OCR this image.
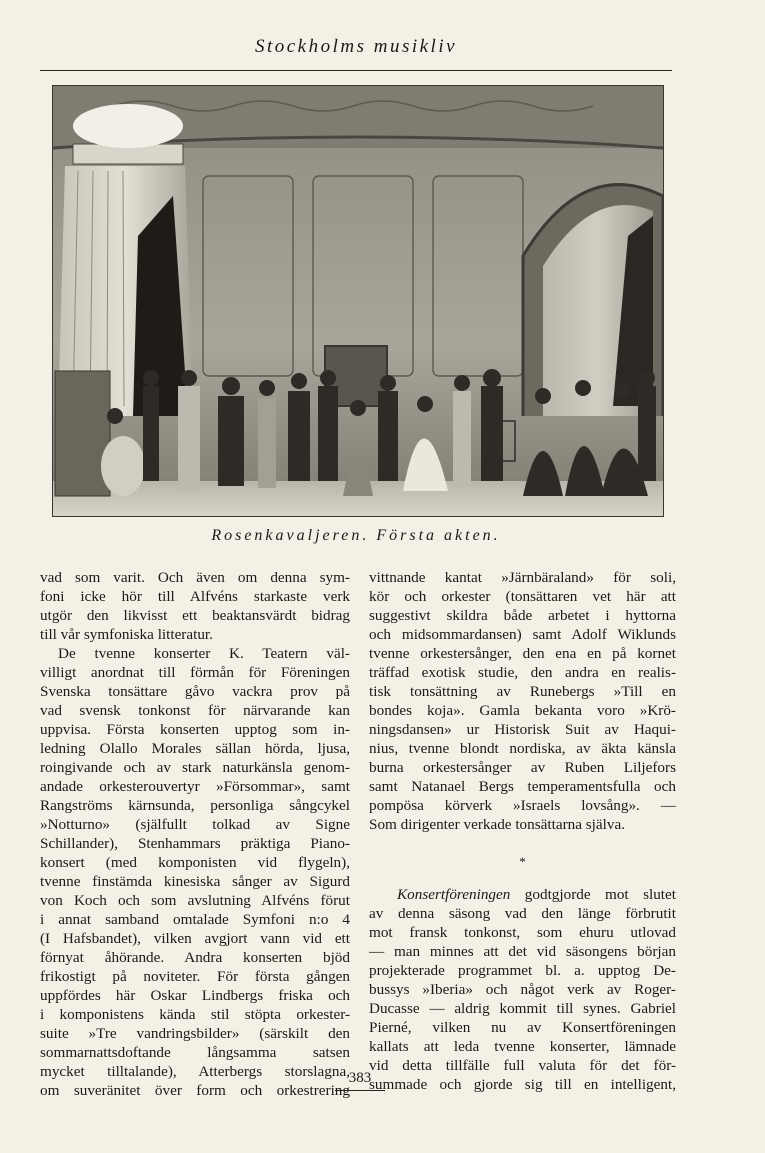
Stockholms musikliv
Rosenkavaljeren. Första akten.
vad som varit. Och även om denna sym-
foni icke hör till Alfvéns starkaste verk
utgör den likvisst ett beaktansvärdt bidrag
till vår symfoniska litteratur.
De tvenne konserter K. Teatern väl-
villigt anordnat till förmån för Föreningen
Svenska tonsättare gåvo vackra prov på
vad svensk tonkonst för närvarande kan
uppvisa. Första konserten upptog som in-
ledning Olallo Morales sällan hörda, ljusa,
roingivande och av stark naturkänsla genom-
andade orkesterouvertyr »Försommar», samt
Rangströms kärnsunda, personliga sångcykel
»Notturno» (själfullt tolkad av Signe
Schillander), Stenhammars präktiga Piano-
konsert (med komponisten vid flygeln),
tvenne finstämda kinesiska sånger av Sigurd
von Koch och som avslutning Alfvéns förut
i annat samband omtalade Symfoni n:o 4
(I Hafsbandet), vilken avgjort vann vid ett
förnyat åhörande. Andra konserten bjöd
frikostigt på noviteter. För första gången
uppfördes här Oskar Lindbergs friska och
i komponistens kända stil stöpta orkester-
suite »Tre vandringsbilder» (särskilt den
sommarnattsdoftande långsamma satsen
mycket tilltalande), Atterbergs storslagna,
om suveränitet över form och orkestrering
vittnande kantat »Järnbäraland» för soli,
kör och orkester (tonsättaren vet här att
suggestivt skildra både arbetet i hyttorna
och midsommardansen) samt Adolf Wiklunds
tvenne orkestersånger, den ena en på kornet
träffad exotisk studie, den andra en realis-
tisk tonsättning av Runebergs »Till en
bondes koja». Gamla bekanta voro »Krö-
ningsdansen» ur Historisk Suit av Haqui-
nius, tvenne blondt nordiska, av äkta känsla
burna orkestersånger av Ruben Liljefors
samt Natanael Bergs temperamentsfulla och
pompösa körverk »Israels lovsång». —
Som dirigenter verkade tonsättarna själva.
*
Konsertföreningen godtgjorde mot slutet
av denna säsong vad den länge förbrutit
mot fransk tonkonst, som ehuru utlovad
— man minnes att det vid säsongens början
projekterade programmet bl. a. upptog De-
bussys »Iberia» och något verk av Roger-
Ducasse — aldrig kommit till synes. Gabriel
Pierné, vilken nu av Konsertföreningen
kallats att leda tvenne konserter, lämnade
vid detta tillfälle full valuta för det för-
summade och gjorde sig till en intelligent,
383
